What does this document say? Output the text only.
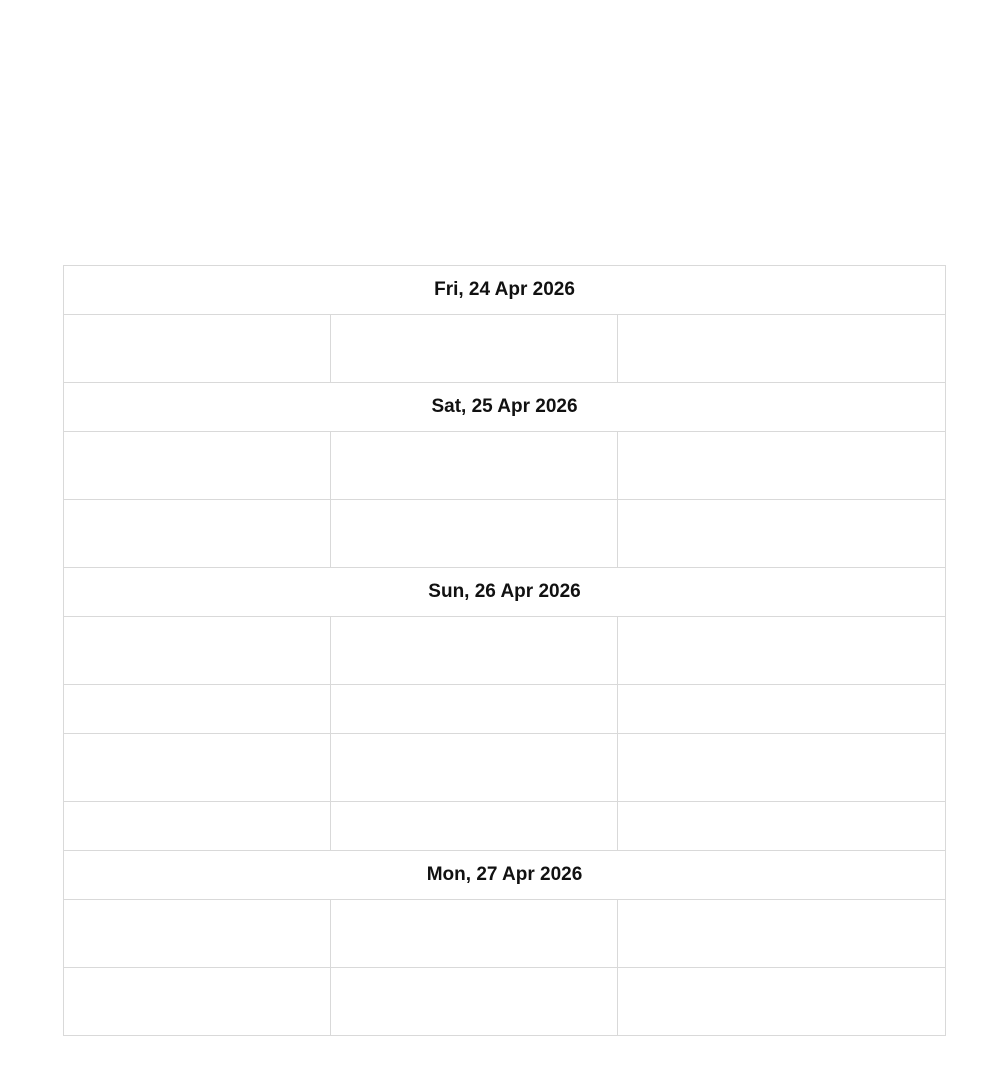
Fri, 24 Apr 2026		

Sat, 25 Apr 2026		

Sun, 26 Apr 2026		

Mon, 27 Apr 2026		
